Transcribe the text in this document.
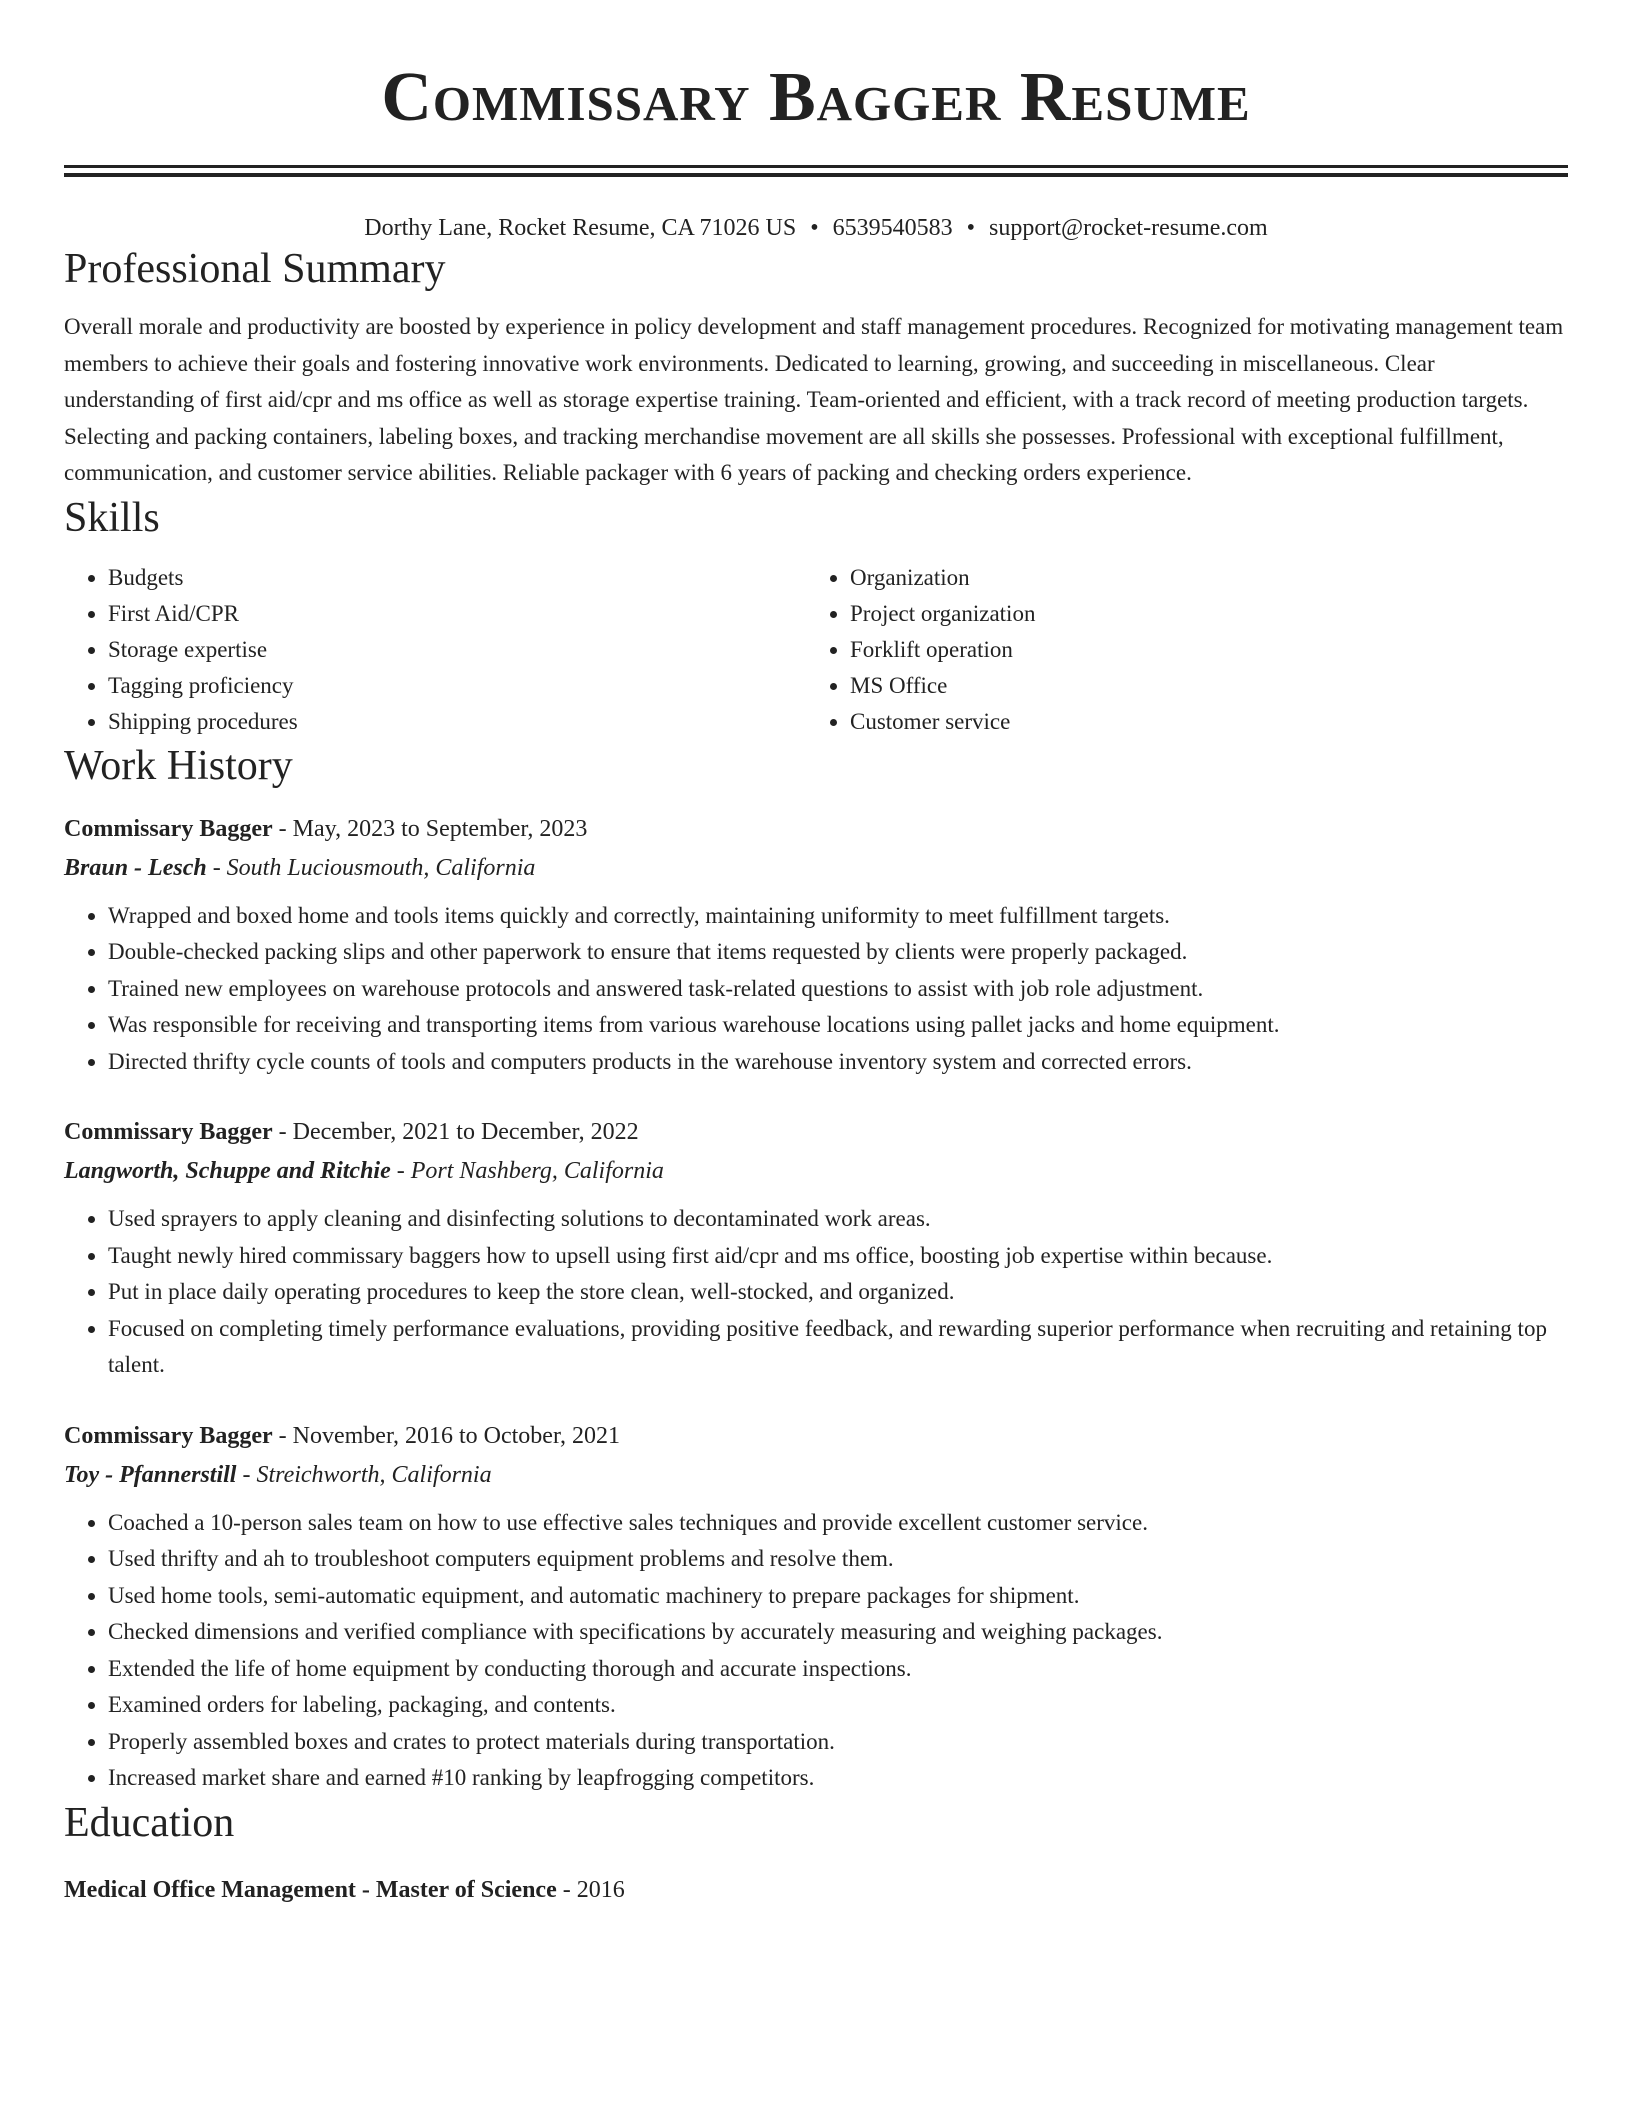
Commissary Bagger Resume
Dorthy Lane, Rocket Resume, CA 71026 US • 6539540583 • support@rocket-resume.com
Professional Summary

Overall morale and productivity are boosted by experience in policy development and staff management procedures. Recognized for motivating management team members to achieve their goals and fostering innovative work environments. Dedicated to learning, growing, and succeeding in miscellaneous. Clear understanding of first aid/cpr and ms office as well as storage expertise training. Team-oriented and efficient, with a track record of meeting production targets. Selecting and packing containers, labeling boxes, and tracking merchandise movement are all skills she possesses. Professional with exceptional fulfillment, communication, and customer service abilities. Reliable packager with 6 years of packing and checking orders experience.

Skills
• Budgets
• First Aid/CPR
• Storage expertise
• Tagging proficiency
• Shipping procedures
• Organization
• Project organization
• Forklift operation
• MS Office
• Customer service
Work History
Commissary Bagger - May, 2023 to September, 2023
Braun - Lesch - South Luciousmouth, California
• Wrapped and boxed home and tools items quickly and correctly, maintaining uniformity to meet fulfillment targets.
• Double-checked packing slips and other paperwork to ensure that items requested by clients were properly packaged.
• Trained new employees on warehouse protocols and answered task-related questions to assist with job role adjustment.
• Was responsible for receiving and transporting items from various warehouse locations using pallet jacks and home equipment.
• Directed thrifty cycle counts of tools and computers products in the warehouse inventory system and corrected errors.
Commissary Bagger - December, 2021 to December, 2022
Langworth, Schuppe and Ritchie - Port Nashberg, California
• Used sprayers to apply cleaning and disinfecting solutions to decontaminated work areas.
• Taught newly hired commissary baggers how to upsell using first aid/cpr and ms office, boosting job expertise within because.
• Put in place daily operating procedures to keep the store clean, well-stocked, and organized.
• Focused on completing timely performance evaluations, providing positive feedback, and rewarding superior performance when recruiting and retaining top talent.
Commissary Bagger - November, 2016 to October, 2021
Toy - Pfannerstill - Streichworth, California
• Coached a 10-person sales team on how to use effective sales techniques and provide excellent customer service.
• Used thrifty and ah to troubleshoot computers equipment problems and resolve them.
• Used home tools, semi-automatic equipment, and automatic machinery to prepare packages for shipment.
• Checked dimensions and verified compliance with specifications by accurately measuring and weighing packages.
• Extended the life of home equipment by conducting thorough and accurate inspections.
• Examined orders for labeling, packaging, and contents.
• Properly assembled boxes and crates to protect materials during transportation.
• Increased market share and earned #10 ranking by leapfrogging competitors.
Education
Medical Office Management - Master of Science - 2016
